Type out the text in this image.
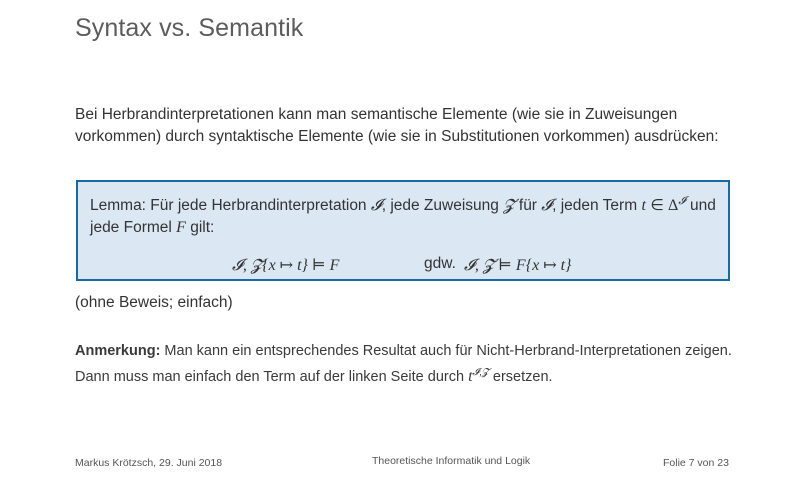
Syntax vs. Semantik
Bei Herbrandinterpretationen kann man semantische Elemente (wie sie in Zuweisungen vorkommen) durch syntaktische Elemente (wie sie in Substitutionen vorkommen) ausdrücken:
Lemma: Für jede Herbrandinterpretation 𝓘, jede Zuweisung 𝓩 für 𝓘, jeden Term t ∈ $\Delta^𝓘$ und jede Formel F gilt:
𝓘, 𝓩{x ↦ t} ⊨ F	gdw. 𝓘, 𝓩 ⊨ F{x ↦ t}
(ohne Beweis; einfach)
Anmerkung: Man kann ein entsprechendes Resultat auch für Nicht-Herbrand-Interpretationen zeigen. Dann muss man einfach den Term auf der linken Seite durch $t^{𝓘,𝓩}$ ersetzen.
Markus Krötzsch, 29. Juni 2018	Theoretische Informatik und Logik	Folie 7 von 23
